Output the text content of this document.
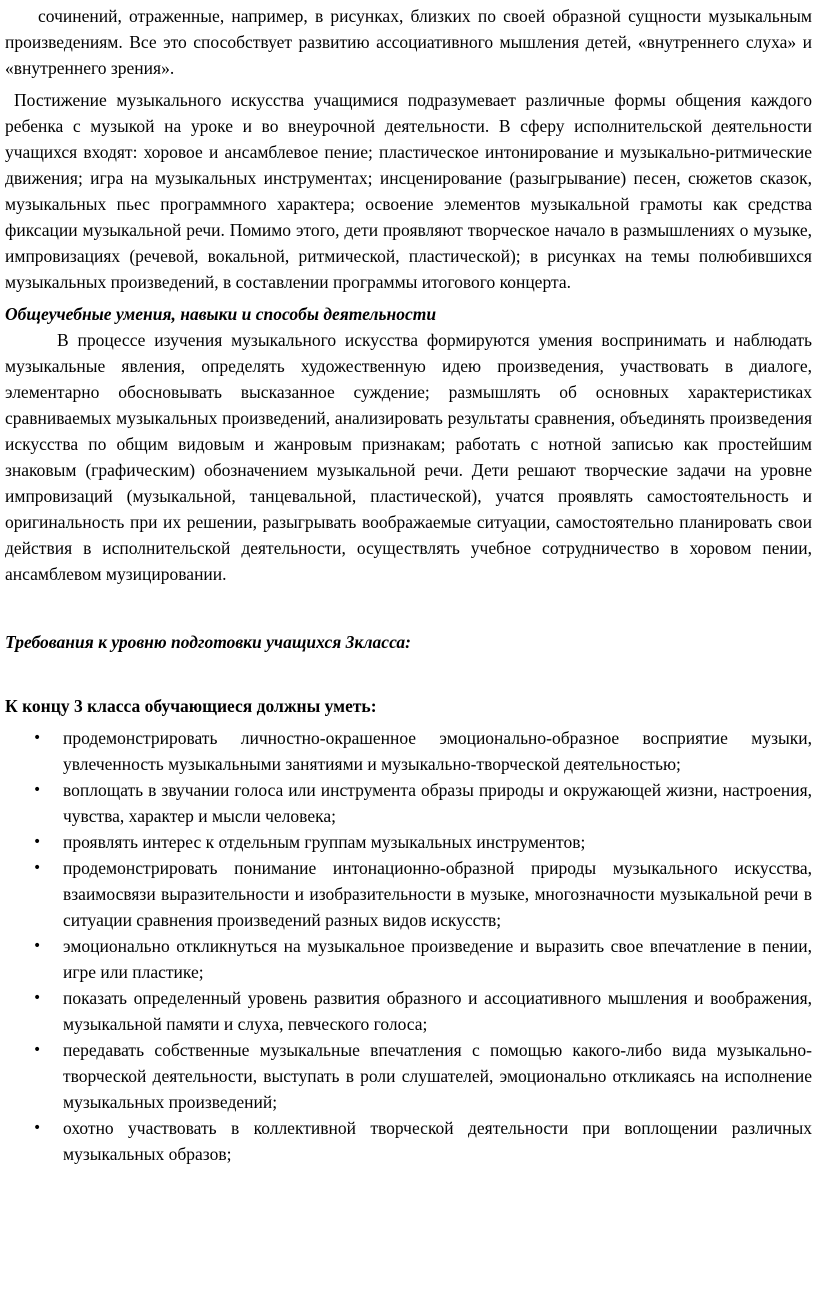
сочинений, отраженные, например, в рисунках, близких по своей образной сущности музыкальным произведениям. Все это способствует развитию ассоциативного мышления детей, «внутреннего слуха» и «внутреннего зрения».

Постижение музыкального искусства учащимися подразумевает различные формы общения каждого ребенка с музыкой на уроке и во внеурочной деятельности. В сферу исполнительской деятельности учащихся входят: хоровое и ансамблевое пение; пластическое интонирование и музыкально-ритмические движения; игра на музыкальных инструментах; инсценирование (разыгрывание) песен, сюжетов сказок, музыкальных пьес программного характера; освоение элементов музыкальной грамоты как средства фиксации музыкальной речи. Помимо этого, дети проявляют творческое начало в размышлениях о музыке, импровизациях (речевой, вокальной, ритмической, пластической); в рисунках на темы полюбившихся музыкальных произведений, в составлении программы итогового концерта.

Общеучебные умения, навыки и способы деятельности

В процессе изучения музыкального искусства формируются умения воспринимать и наблюдать музыкальные явления, определять художественную идею произведения, участвовать в диалоге, элементарно обосновывать высказанное суждение; размышлять об основных характеристиках сравниваемых музыкальных произведений, анализировать результаты сравнения, объединять произведения искусства по общим видовым и жанровым признакам; работать с нотной записью как простейшим знаковым (графическим) обозначением музыкальной речи. Дети решают творческие задачи на уровне импровизаций (музыкальной, танцевальной, пластической), учатся проявлять самостоятельность и оригинальность при их решении, разыгрывать воображаемые ситуации, самостоятельно планировать свои действия в исполнительской деятельности, осуществлять учебное сотрудничество в хоровом пении, ансамблевом музицировании.

Требования к уровню подготовки учащихся 3класса:

К концу 3 класса обучающиеся должны уметь:

• продемонстрировать личностно-окрашенное эмоционально-образное восприятие музыки, увлеченность музыкальными занятиями и музыкально-творческой деятельностью;
• воплощать в звучании голоса или инструмента образы природы и окружающей жизни, настроения, чувства, характер и мысли человека;
• проявлять интерес к отдельным группам музыкальных инструментов;
• продемонстрировать понимание интонационно-образной природы музыкального искусства, взаимосвязи выразительности и изобразительности в музыке, многозначности музыкальной речи в ситуации сравнения произведений разных видов искусств;
• эмоционально откликнуться на музыкальное произведение и выразить свое впечатление в пении, игре или пластике;
• показать определенный уровень развития образного и ассоциативного мышления и воображения, музыкальной памяти и слуха, певческого голоса;
• передавать собственные музыкальные впечатления с помощью какого-либо вида музыкально-творческой деятельности, выступать в роли слушателей, эмоционально откликаясь на исполнение музыкальных произведений;
• охотно участвовать в коллективной творческой деятельности при воплощении различных музыкальных образов;
